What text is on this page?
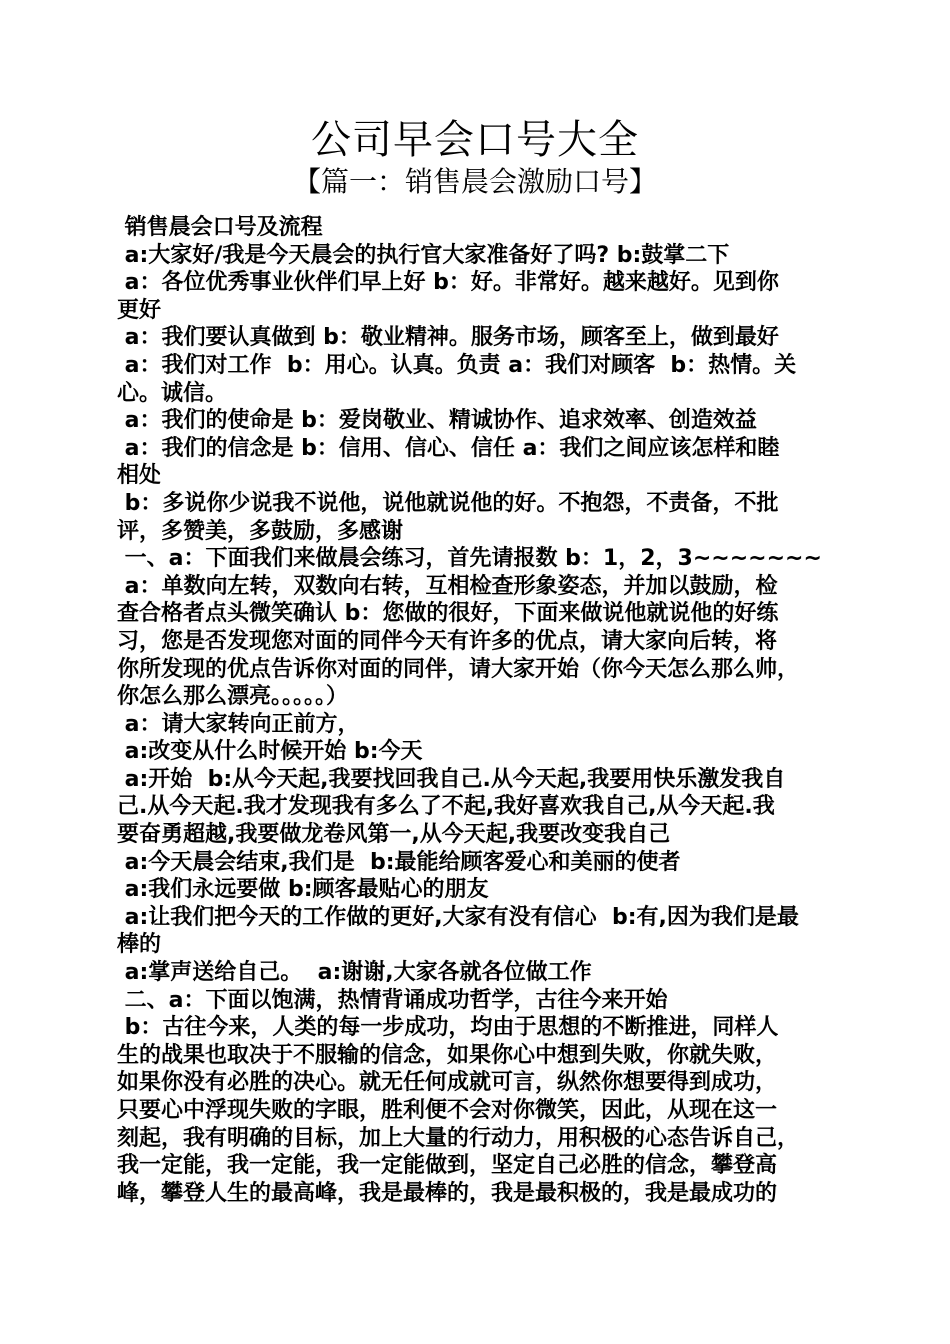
公司早会口号大全
【篇一：销售晨会激励口号】
销售晨会口号及流程
a:大家好/我是今天晨会的执行官大家准备好了吗? b:鼓掌二下
a：各位优秀事业伙伴们早上好 b：好。非常好。越来越好。见到你
更好
a：我们要认真做到 b：敬业精神。服务市场，顾客至上，做到最好
a：我们对工作  b：用心。认真。负责 a：我们对顾客  b：热情。关
心。诚信。
a：我们的使命是 b：爱岗敬业、精诚协作、追求效率、创造效益
a：我们的信念是 b：信用、信心、信任 a：我们之间应该怎样和睦
相处
b：多说你少说我不说他，说他就说他的好。不抱怨，不责备，不批
评，多赞美，多鼓励，多感谢
一、a：下面我们来做晨会练习，首先请报数 b：1，2，3~~~~~~~
a：单数向左转，双数向右转，互相检查形象姿态，并加以鼓励，检
查合格者点头微笑确认 b：您做的很好，下面来做说他就说他的好练
习，您是否发现您对面的同伴今天有许多的优点，请大家向后转，将
你所发现的优点告诉你对面的同伴，请大家开始（你今天怎么那么帅，
你怎么那么漂亮。。。。。）
a：请大家转向正前方，
a:改变从什么时候开始 b:今天
a:开始  b:从今天起,我要找回我自己.从今天起,我要用快乐激发我自
己.从今天起.我才发现我有多么了不起,我好喜欢我自己,从今天起.我
要奋勇超越,我要做龙卷风第一,从今天起,我要改变我自己
a:今天晨会结束,我们是  b:最能给顾客爱心和美丽的使者
a:我们永远要做 b:顾客最贴心的朋友
a:让我们把今天的工作做的更好,大家有没有信心  b:有,因为我们是最
棒的
a:掌声送给自己。  a:谢谢,大家各就各位做工作
二、a：下面以饱满，热情背诵成功哲学，古往今来开始
b：古往今来，人类的每一步成功，均由于思想的不断推进，同样人
生的战果也取决于不服输的信念，如果你心中想到失败，你就失败，
如果你没有必胜的决心。就无任何成就可言，纵然你想要得到成功，
只要心中浮现失败的字眼，胜利便不会对你微笑，因此，从现在这一
刻起，我有明确的目标，加上大量的行动力，用积极的心态告诉自己，
我一定能，我一定能，我一定能做到，坚定自己必胜的信念，攀登高
峰，攀登人生的最高峰，我是最棒的，我是最积极的，我是最成功的
